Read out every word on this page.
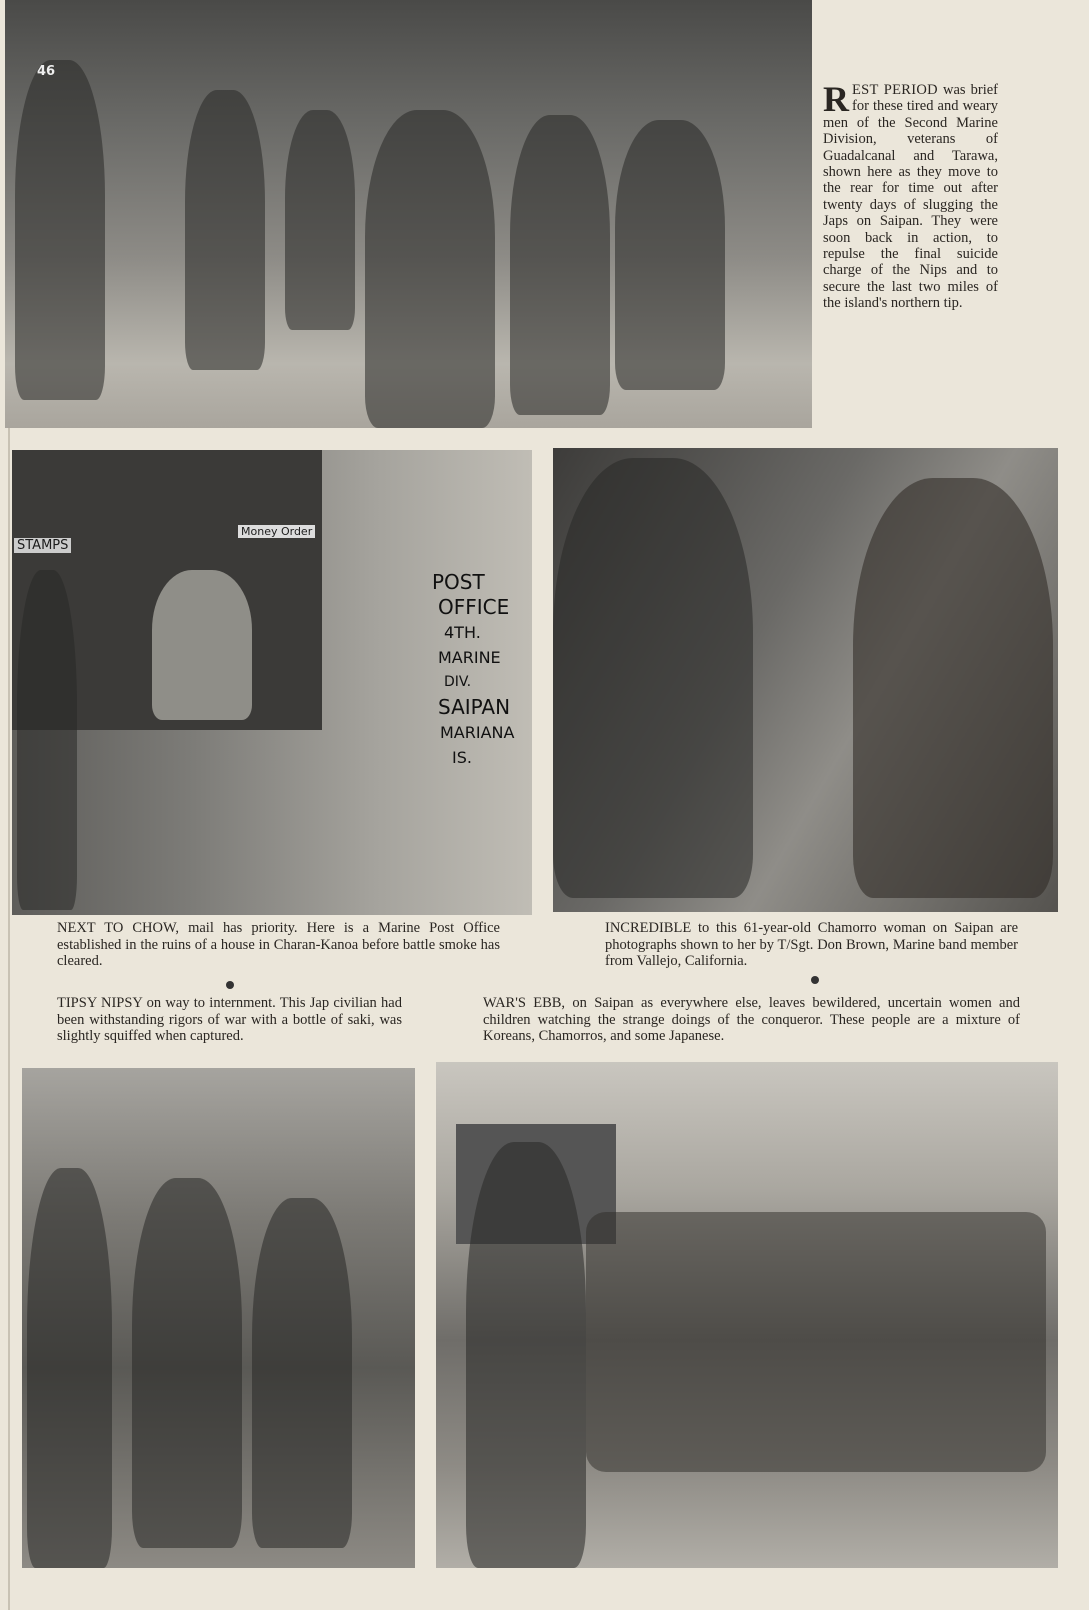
46
REST PERIOD was brief for these tired and weary men of the Second Marine Division, veterans of Guadalcanal and Tarawa, shown here as they move to the rear for time out after twenty days of slugging the Japs on Saipan. They were soon back in action, to repulse the final suicide charge of the Nips and to secure the last two miles of the island's northern tip.
STAMPS
Money Order
POST
OFFICE
4TH.
MARINE
DIV.
SAIPAN
MARIANA
IS.

NEXT TO CHOW, mail has priority. Here is a Marine Post Office established in the ruins of a house in Charan-Kanoa before battle smoke has cleared.

INCREDIBLE to this 61-year-old Chamorro woman on Saipan are photographs shown to her by T/Sgt. Don Brown, Marine band member from Vallejo, California.

TIPSY NIPSY on way to internment. This Jap civilian had been withstanding rigors of war with a bottle of saki, was slightly squiffed when captured.

WAR'S EBB, on Saipan as everywhere else, leaves bewildered, uncertain women and children watching the strange doings of the conqueror. These people are a mixture of Koreans, Chamorros, and some Japanese.
